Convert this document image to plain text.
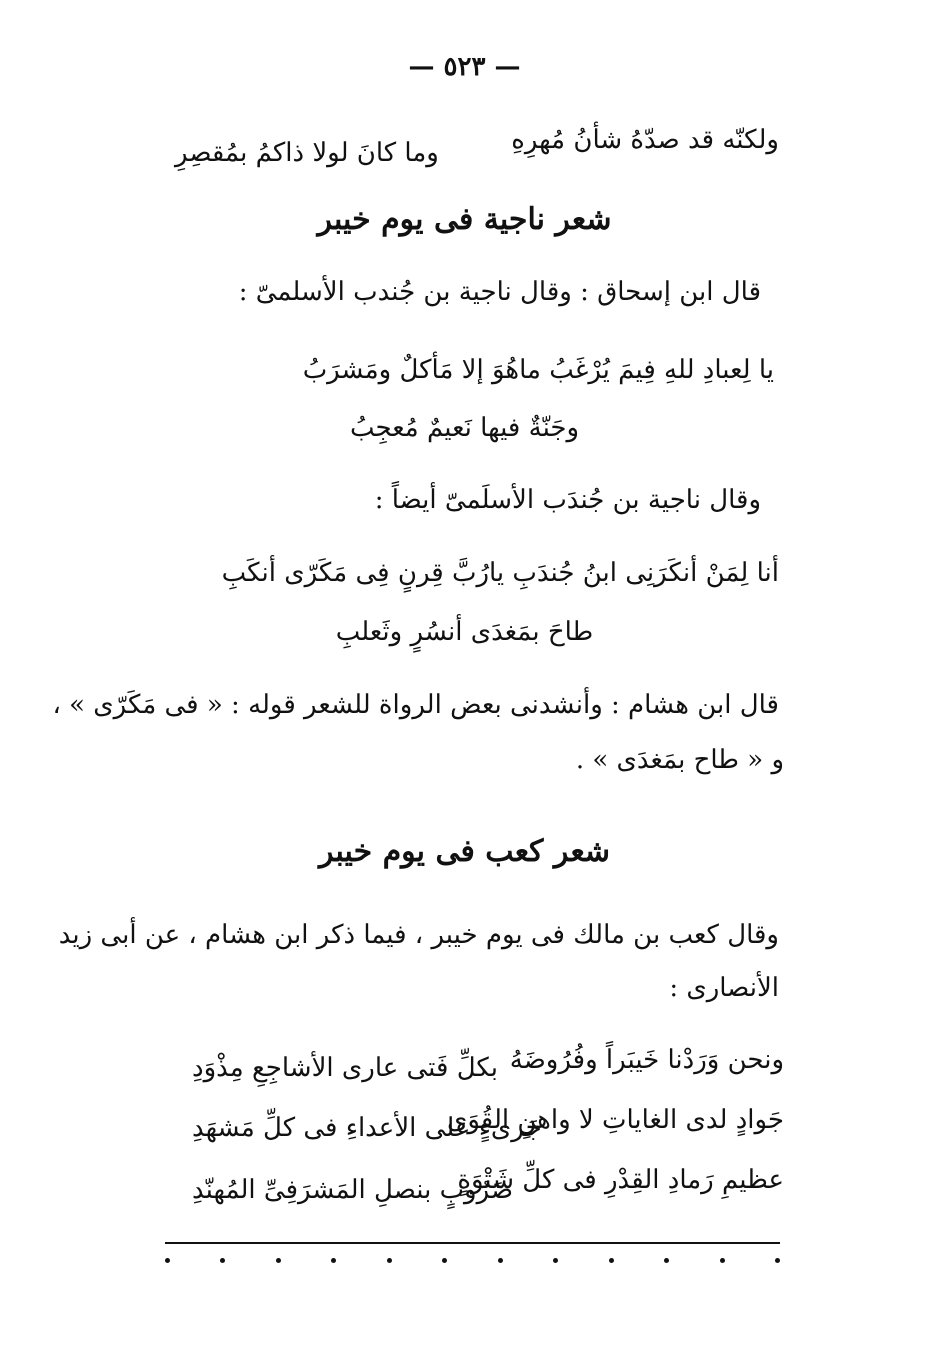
— ٥٢٣ —
ولكنّه قد صدّهُ شأنُ مُهرِهِ
وما كانَ لولا ذاكمُ بمُقصِرِ
شعر ناجية فى يوم خيبر
قال ابن إسحاق : وقال ناجية بن جُندب الأسلمىّ :
يا لِعبادِ للهِ فِيمَ يُرْغَبُ ماهُوَ إلا مَأكلٌ ومَشرَبُ
وجَنّةٌ فيها نَعيمٌ مُعجِبُ
وقال ناجية بن جُندَب الأسلَمىّ أيضاً :
أنا لِمَنْ أنكَرَنِى ابنُ جُندَبِ يارُبَّ قِرنٍ فِى مَكَرّى أنكَبِ
طاحَ بمَغدَى أنسُرٍ وثَعلبِ
قال ابن هشام : وأنشدنى بعض الرواة للشعر قوله : « فى مَكَرّى » ،
و « طاح بمَغدَى » .
شعر كعب فى يوم خيبر
وقال كعب بن مالك فى يوم خيبر ، فيما ذكر ابن هشام ، عن أبى زيد
الأنصارى :
ونحن وَرَدْنا خَيبَراً وفُرُوضَهُ
بكلِّ فَتى عارى الأشاجِعِ مِذْوَدِ
جَوادٍ لدى الغاياتِ لا واهنِ القُوَى
جَرىءٍ على الأعداءِ فى كلِّ مَشهَدِ
عظيمِ رَمادِ القِدْرِ فى كلِّ شَتْوَةٍ
ضَرُوبٍ بنصلِ المَشرَفِىِّ المُهنّدِ
